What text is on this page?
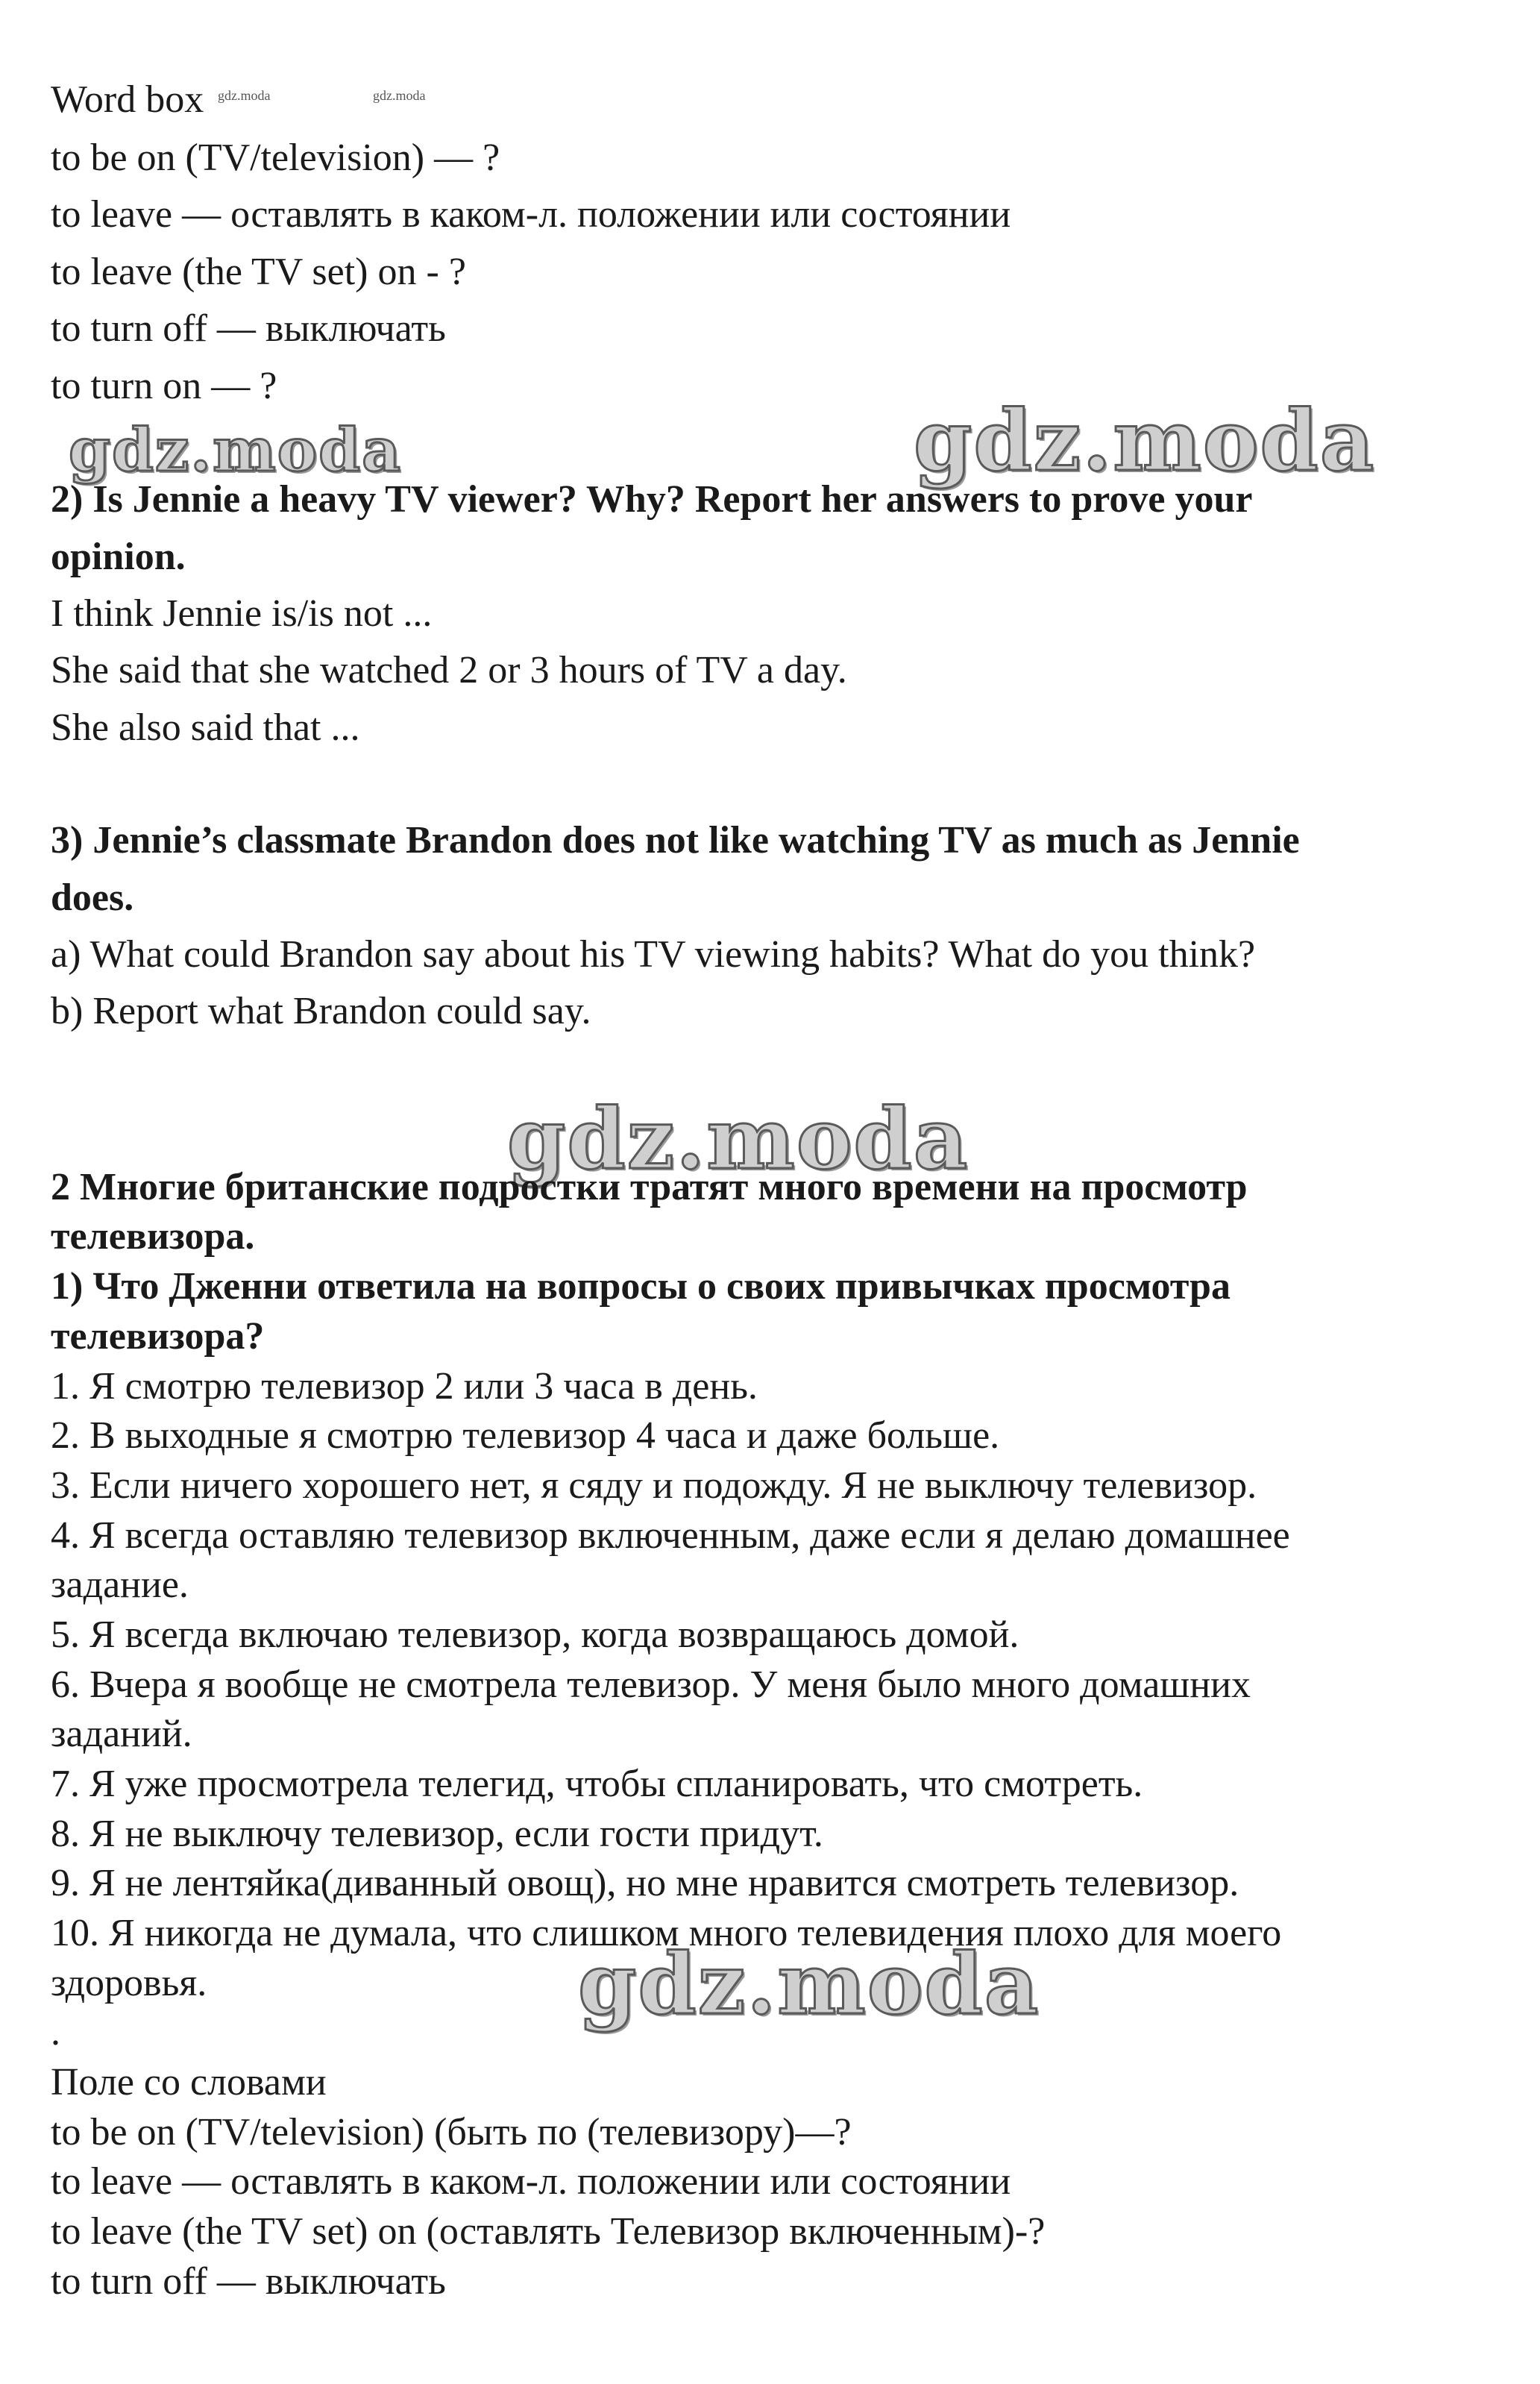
Word box gdz.moda	gdz.moda
to be on (TV/television) — ?
to leave — оставлять в каком-л. положении или состоянии
to leave (the TV set) on - ?
to turn off — выключать
to turn on — ?
gdz.moda	gdz.moda
2) Is Jennie a heavy TV viewer? Why? Report her answers to prove your
opinion.
I think Jennie is/is not ...
She said that she watched 2 or 3 hours of TV a day.
She also said that ...
3) Jennie’s classmate Brandon does not like watching TV as much as Jennie
does.
a) What could Brandon say about his TV viewing habits? What do you think?
b) Report what Brandon could say.
gdz.moda
2 Многие британские подростки тратят много времени на просмотр
телевизора.
1) Что Дженни ответила на вопросы о своих привычках просмотра
телевизора?
1. Я смотрю телевизор 2 или 3 часа в день.
2. В выходные я смотрю телевизор 4 часа и даже больше.
3. Если ничего хорошего нет, я сяду и подожду. Я не выключу телевизор.
4. Я всегда оставляю телевизор включенным, даже если я делаю домашнее
задание.
5. Я всегда включаю телевизор, когда возвращаюсь домой.
6. Вчера я вообще не смотрела телевизор. У меня было много домашних
заданий.
7. Я уже просмотрела телегид, чтобы спланировать, что смотреть.
8. Я не выключу телевизор, если гости придут.
9. Я не лентяйка(диванный овощ), но мне нравится смотреть телевизор.
10. Я никогда не думала, что слишком много телевидения плохо для моего
здоровья.	gdz.moda
.
Поле со словами
to be on (TV/television) (быть по (телевизору)—?
to leave — оставлять в каком-л. положении или состоянии
to leave (the TV set) on (оставлять Телевизор включенным)-?
to turn off — выключать
